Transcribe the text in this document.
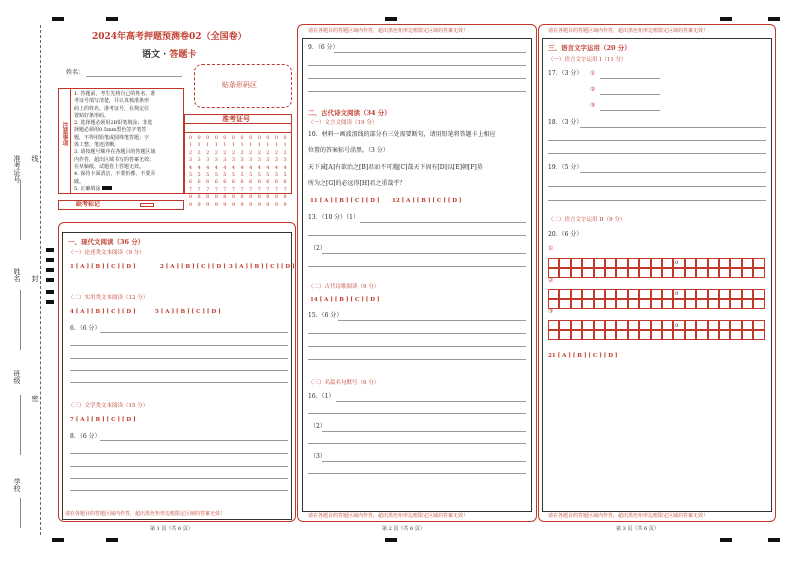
准考证号 线
姓名 封
班级
密
学校
2024年高考押题预测卷02（全国卷）
语文 · 答题卡
姓名：
贴条形码区
注意事项
1. 答题前，考生先将自己的姓名、准
考证号填写清楚，并认真核准条形
码上的姓名、准考证号，在规定位
置贴好条形码。
2. 选择题必须用2B铅笔填涂；非选
择题必须用0.5mm黑色签字笔答
题，不得用铅笔或圆珠笔答题；字
体工整、笔迹清晰。
3. 请按题号顺序在各题目的答题区域
内作答，超出区域书写的答案无效；
在草稿纸、试题卷上答题无效。
4. 保持卡面清洁，不要折叠、不要弄
破。
5. 正确填涂
准考证号
0
1
2
3
4
5
6
7
8
9
0
1
2
3
4
5
6
7
8
9
0
1
2
3
4
5
6
7
8
9
0
1
2
3
4
5
6
7
8
9
0
1
2
3
4
5
6
7
8
9
0
1
2
3
4
5
6
7
8
9
0
1
2
3
4
5
6
7
8
9
0
1
2
3
4
5
6
7
8
9
0
1
2
3
4
5
6
7
8
9
0
1
2
3
4
5
6
7
8
9
0
1
2
3
4
5
6
7
8
9
0
1
2
3
4
5
6
7
8
9
缺考标记
一、现代文阅读（36 分）
（一）论述类文本阅读（9 分）
1 [ A ] [ B ] [ C ] [ D ]	2 [ A ] [ B ] [ C ] [ D ] 3 [ A ] [ B ] [ C ] [ D ]
（二）实用类文本阅读（12 分）
4 [ A ] [ B ] [ C ] [ D ]	5 [ A ] [ B ] [ C ] [ D ]
6．（6 分）
（三）文学类文本阅读（15 分）
7 [ A ] [ B ] [ C ] [ D ]
8．（6 分）
请在各题目的答题区域内作答，超出黑色矩形边框限定区域的答案无效！
第 1 页（共 6 页）
请在各题目的答题区域内作答，超出黑色矩形边框限定区域的答案无效！
9．（6 分）
二、古代诗文阅读（34 分）
（一）文言文阅读（19 分）
10．材料一画波浪线的部分有三处需要断句，请用铅笔将答题卡上相应
位置的答案标号涂黑。（3 分）
天下诚[A]有欲治之[B]君而不可遇[C]哉天下固有[D]以[E]朝[F]莫
所为之[G]的必远得[H]君之重哉乎？
11 [ A ] [ B ] [ C ] [ D ] 12 [ A ] [ B ] [ C ] [ D ]
13．（10 分）（1）
（2）
（二）古代诗歌阅读（9 分）
14 [ A ] [ B ] [ C ] [ D ]
15．（6 分）
（三）名篇名句默写（6 分）
16．（1）
（2）
（3）
请在各题目的答题区域内作答，超出黑色矩形边框限定区域的答案无效！
第 2 页（共 6 页）
请在各题目的答题区域内作答，超出黑色矩形边框限定区域的答案无效！
三、语言文字运用（20 分）
（一）语言文字运用 I（11 分）
17．（3 分） ①
②
③
18．（3 分）
19．（5 分）
（二）语言文字运用 II（9 分）
20．（6 分）
①
10
②
10
③
10
21 [ A ] [ B ] [ C ] [ D ]
请在各题目的答题区域内作答，超出黑色矩形边框限定区域的答案无效！
第 3 页（共 6 页）
